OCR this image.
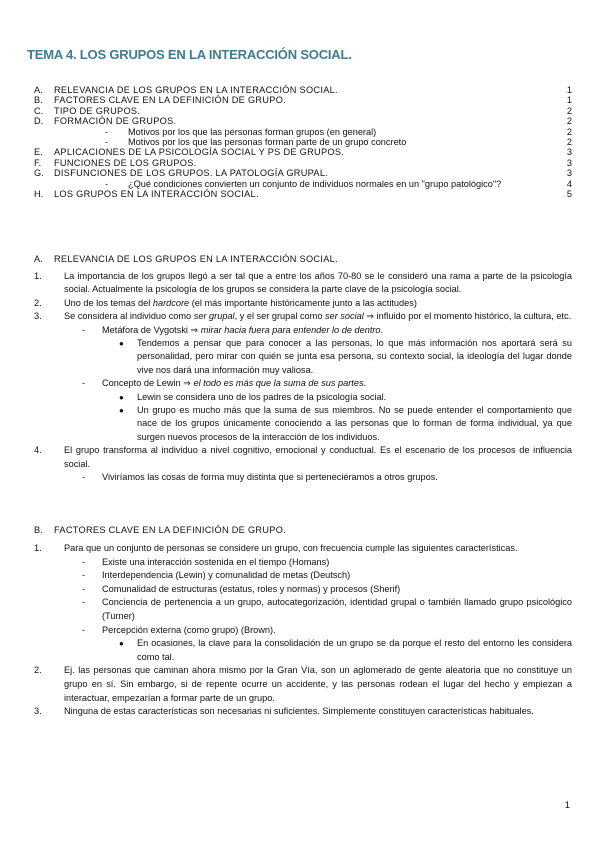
TEMA 4. LOS GRUPOS EN LA INTERACCIÓN SOCIAL.
A. RELEVANCIA DE LOS GRUPOS EN LA INTERACCIÓN SOCIAL.	1
B. FACTORES CLAVE EN LA DEFINICIÓN DE GRUPO.	1
C. TIPO DE GRUPOS.	2
D. FORMACIÓN DE GRUPOS.	2
- Motivos por los que las personas forman grupos (en general)	2
- Motivos por los que las personas forman parte de un grupo concreto	2
E. APLICACIONES DE LA PSICOLOGÍA SOCIAL Y PS DE GRUPOS.	3
F. FUNCIONES DE LOS GRUPOS.	3
G. DISFUNCIONES DE LOS GRUPOS. LA PATOLOGÍA GRUPAL.	3
- ¿Qué condiciones convierten un conjunto de individuos normales en un "grupo patológico"?	4
H. LOS GRUPOS EN LA INTERACCIÓN SOCIAL.	5
A. RELEVANCIA DE LOS GRUPOS EN LA INTERACCIÓN SOCIAL.
1. La importancia de los grupos llegó a ser tal que a entre los años 70-80 se le consideró una rama a parte de la psicología social. Actualmente la psicología de los grupos se considera la parte clave de la psicología social.
2. Uno de los temas del hardcore (el más importante históricamente junto a las actitudes)
3. Se considera al individuo como ser grupal, y el ser grupal como ser social ⇒ influido por el momento histórico, la cultura, etc.
- Metáfora de Vygotski ⇒ mirar hacia fuera para entender lo de dentro.
● Tendemos a pensar que para conocer a las personas, lo que más información nos aportará será su personalidad, pero mirar con quién se junta esa persona, su contexto social, la ideología del lugar donde vive nos dará una información muy valiosa.
- Concepto de Lewin ⇒ el todo es más que la suma de sus partes.
● Lewin se considera uno de los padres de la psicología social.
● Un grupo es mucho más que la suma de sus miembros. No se puede entender el comportamiento que nace de los grupos únicamente conociendo a las personas que lo forman de forma individual, ya que surgen nuevos procesos de la interacción de los individuos.
4. El grupo transforma al individuo a nivel cognitivo, emocional y conductual. Es el escenario de los procesos de influencia social.
- Viviríamos las cosas de forma muy distinta que si perteneciéramos a otros grupos.
B. FACTORES CLAVE EN LA DEFINICIÓN DE GRUPO.
1. Para que un conjunto de personas se considere un grupo, con frecuencia cumple las siguientes características.
- Existe una interacción sostenida en el tiempo (Homans)
- Interdependencia (Lewin) y comunalidad de metas (Deutsch)
- Comunalidad de estructuras (estatus, roles y normas) y procesos (Sherif)
- Conciencia de pertenencia a un grupo, autocategorización, identidad grupal o también llamado grupo psicológico (Turner)
- Percepción externa (como grupo) (Brown).
● En ocasiones, la clave para la consolidación de un grupo se da porque el resto del entorno les considera como tal.
2. Ej. las personas que caminan ahora mismo por la Gran Vía, son un aglomerado de gente aleatoria que no constituye un grupo en sí. Sin embargo, si de repente ocurre un accidente, y las personas rodean el lugar del hecho y empiezan a interactuar, empezarían a formar parte de un grupo.
3. Ninguna de estas características son necesarias ni suficientes. Simplemente constituyen características habituales.
1
